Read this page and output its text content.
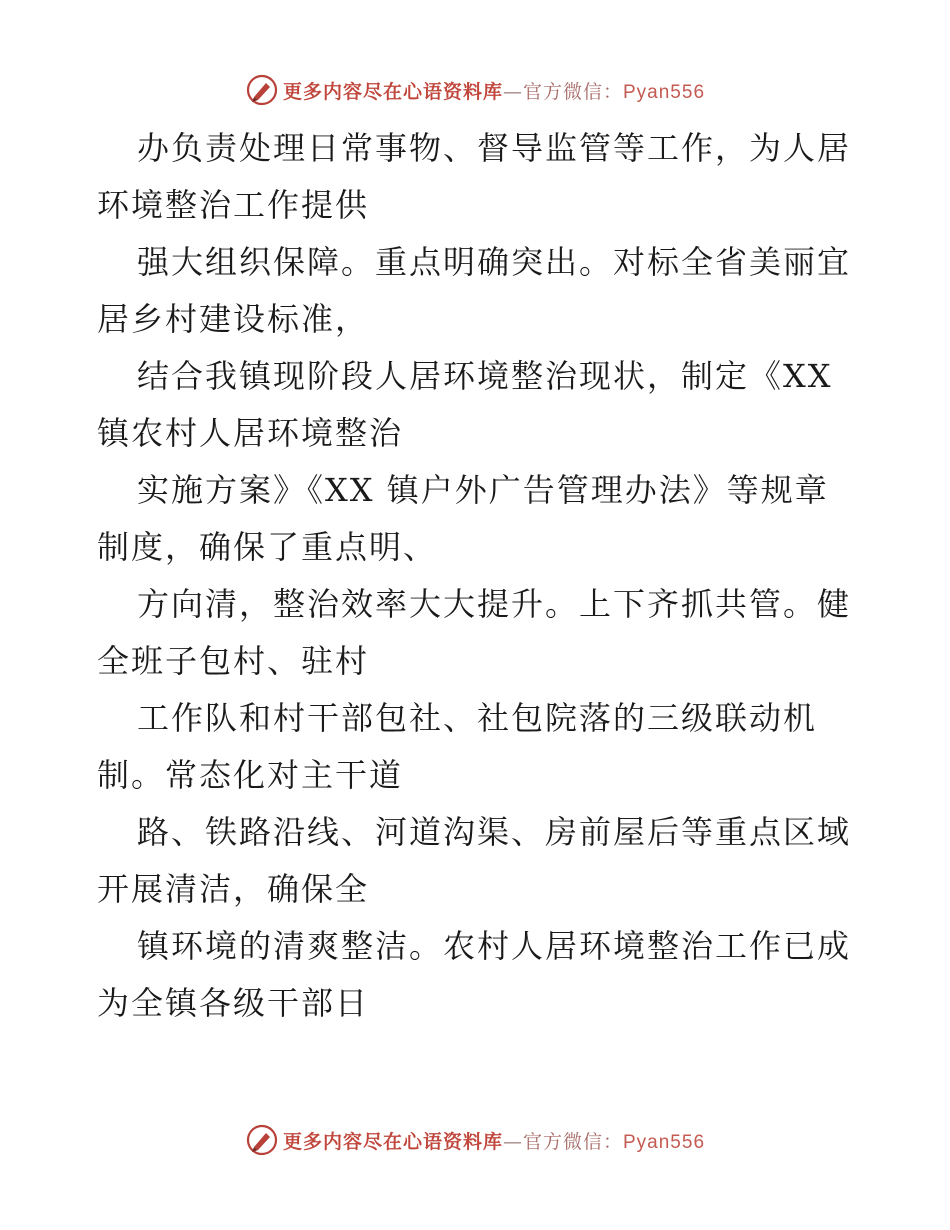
更多内容尽在心语资料库—官方微信：Pyan556
办负责处理日常事物、督导监管等工作，为人居
环境整治工作提供
强大组织保障。重点明确突出。对标全省美丽宜
居乡村建设标准，
结合我镇现阶段人居环境整治现状，制定《XX
镇农村人居环境整治
实施方案》《XX 镇户外广告管理办法》等规章
制度，确保了重点明、
方向清，整治效率大大提升。上下齐抓共管。健
全班子包村、驻村
工作队和村干部包社、社包院落的三级联动机
制。常态化对主干道
路、铁路沿线、河道沟渠、房前屋后等重点区域
开展清洁，确保全
镇环境的清爽整洁。农村人居环境整治工作已成
为全镇各级干部日
更多内容尽在心语资料库—官方微信：Pyan556
